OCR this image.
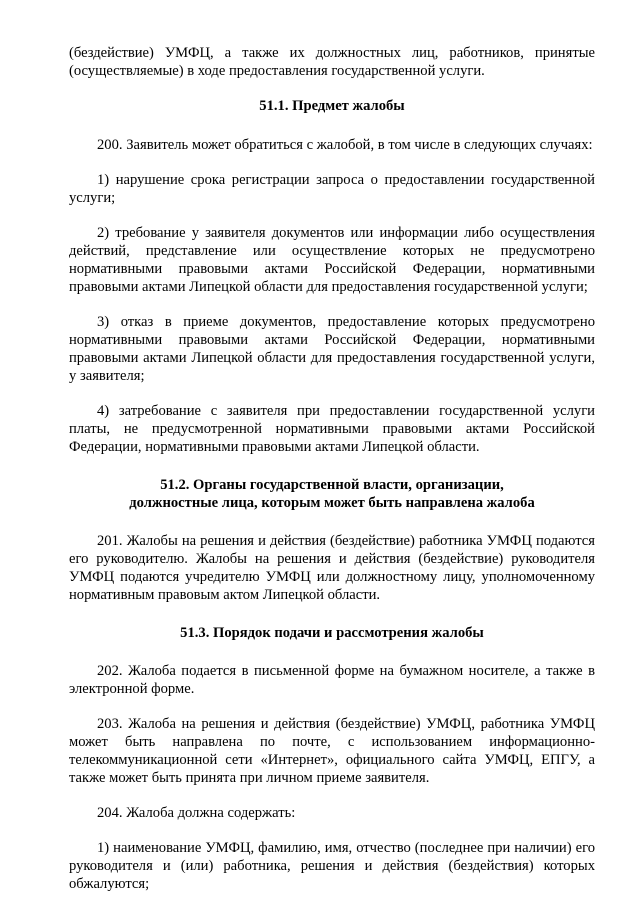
(бездействие) УМФЦ, а также их должностных лиц, работников, принятые (осуществляемые) в ходе предоставления государственной услуги.

51.1. Предмет жалобы

200. Заявитель может обратиться с жалобой, в том числе в следующих случаях:

1) нарушение срока регистрации запроса о предоставлении государственной услуги;

2) требование у заявителя документов или информации либо осуществления действий, представление или осуществление которых не предусмотрено нормативными правовыми актами Российской Федерации, нормативными правовыми актами Липецкой области для предоставления государственной услуги;

3) отказ в приеме документов, предоставление которых предусмотрено нормативными правовыми актами Российской Федерации, нормативными правовыми актами Липецкой области для предоставления государственной услуги, у заявителя;

4) затребование с заявителя при предоставлении государственной услуги платы, не предусмотренной нормативными правовыми актами Российской Федерации, нормативными правовыми актами Липецкой области.

51.2. Органы государственной власти, организации,
должностные лица, которым может быть направлена жалоба

201. Жалобы на решения и действия (бездействие) работника УМФЦ подаются его руководителю. Жалобы на решения и действия (бездействие) руководителя УМФЦ подаются учредителю УМФЦ или должностному лицу, уполномоченному нормативным правовым актом Липецкой области.

51.3. Порядок подачи и рассмотрения жалобы

202. Жалоба подается в письменной форме на бумажном носителе, а также в электронной форме.

203. Жалоба на решения и действия (бездействие) УМФЦ, работника УМФЦ может быть направлена по почте, с использованием информационно-телекоммуникационной сети «Интернет», официального сайта УМФЦ, ЕПГУ, а также может быть принята при личном приеме заявителя.

204. Жалоба должна содержать:

1) наименование УМФЦ, фамилию, имя, отчество (последнее при наличии) его руководителя и (или) работника, решения и действия (бездействия) которых обжалуются;
